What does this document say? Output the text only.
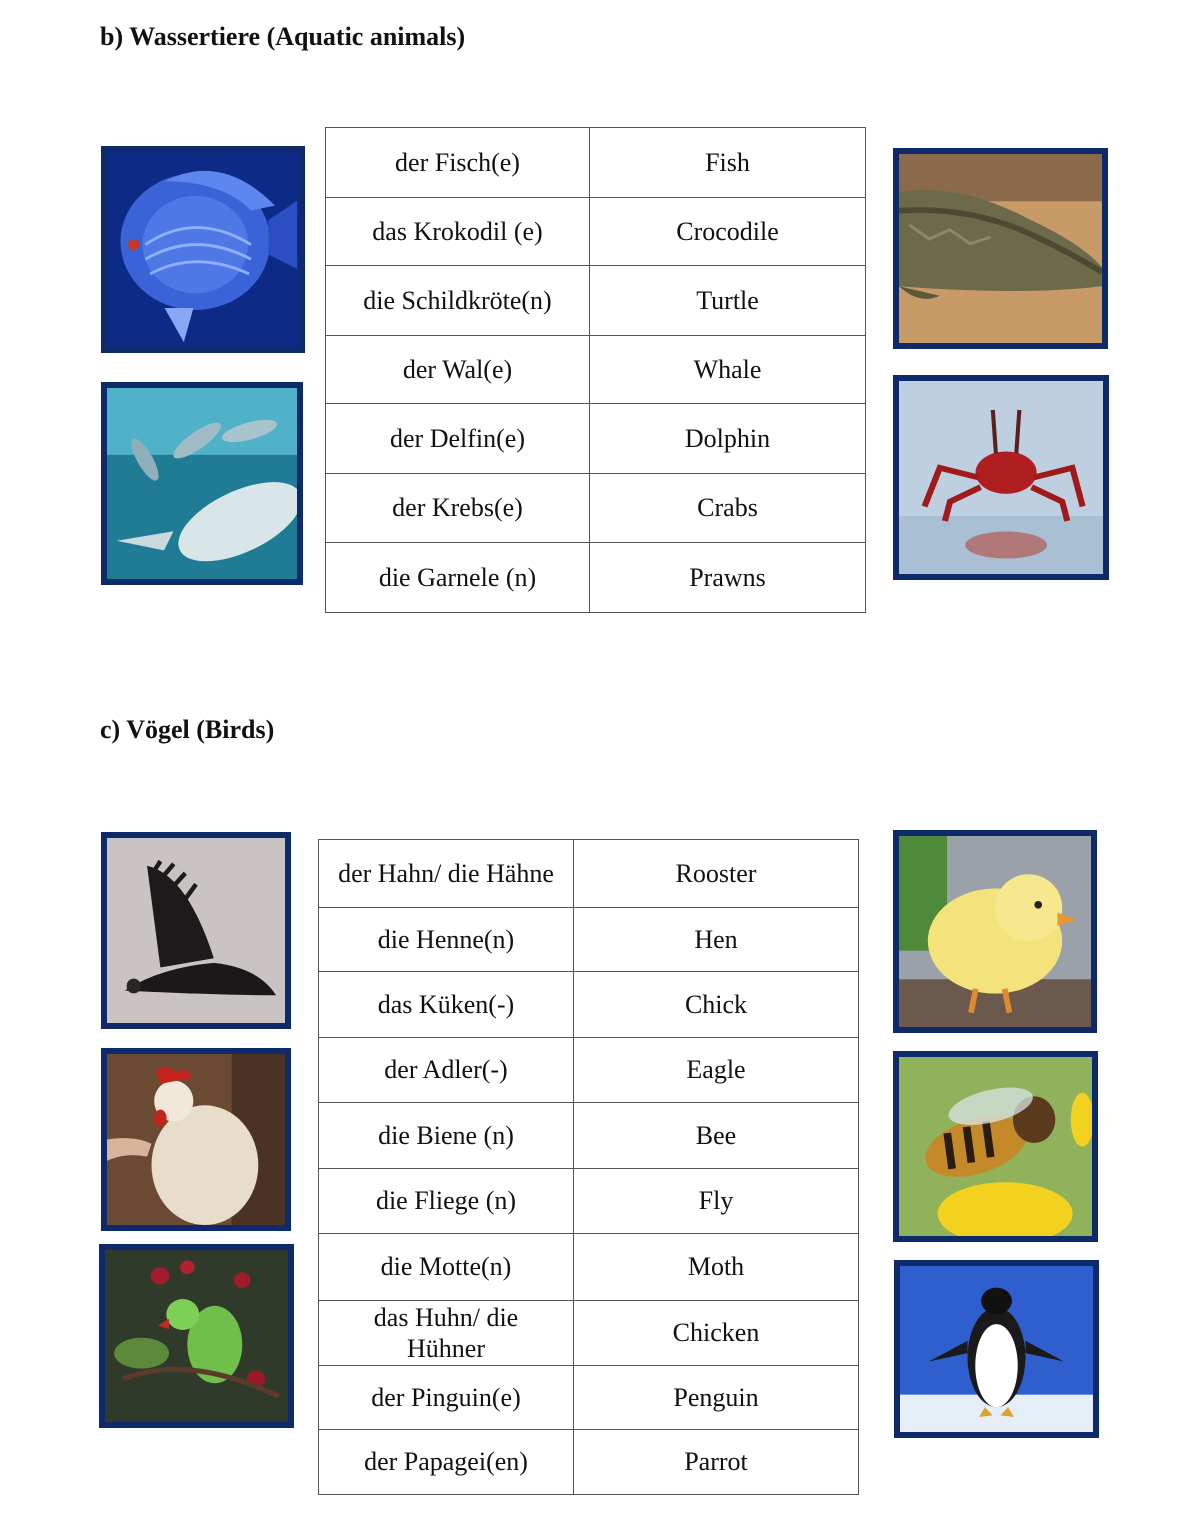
b) Wassertiere (Aquatic animals)
der Fisch(e)	Fish
das Krokodil (e)	Crocodile
die Schildkröte(n)	Turtle
der Wal(e)	Whale
der Delfin(e)	Dolphin
der Krebs(e)	Crabs
die Garnele (n)	Prawns
c) Vögel (Birds)
der Hahn/ die Hähne	Rooster
die Henne(n)	Hen
das Küken(-)	Chick
der Adler(-)	Eagle
die Biene (n)	Bee
die Fliege (n)	Fly
die Motte(n)	Moth
das Huhn/ die Hühner	Chicken
der Pinguin(e)	Penguin
der Papagei(en)	Parrot
